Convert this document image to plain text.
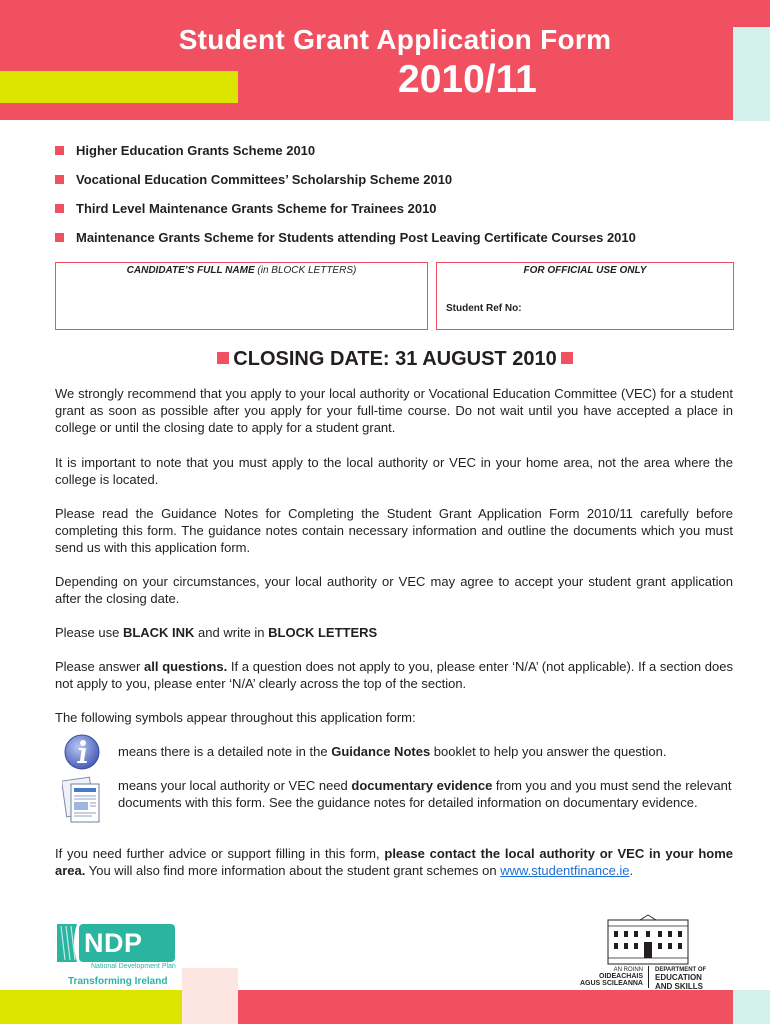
Student Grant Application Form
2010/11
Higher Education Grants Scheme 2010
Vocational Education Committees’ Scholarship Scheme 2010
Third Level Maintenance Grants Scheme for Trainees 2010
Maintenance Grants Scheme for Students attending Post Leaving Certificate Courses 2010
CANDIDATE’S FULL NAME (in BLOCK LETTERS)	FOR OFFICIAL USE ONLY
Student Ref No:
CLOSING DATE: 31 AUGUST 2010
We strongly recommend that you apply to your local authority or Vocational Education Committee (VEC) for a student grant as soon as possible after you apply for your full-time course. Do not wait until you have accepted a place in college or until the closing date to apply for a student grant.
It is important to note that you must apply to the local authority or VEC in your home area, not the area where the college is located.
Please read the Guidance Notes for Completing the Student Grant Application Form 2010/11 carefully before completing this form. The guidance notes contain necessary information and outline the documents which you must send us with this application form.
Depending on your circumstances, your local authority or VEC may agree to accept your student grant application after the closing date.
Please use BLACK INK and write in BLOCK LETTERS
Please answer all questions. If a question does not apply to you, please enter ‘N/A’ (not applicable). If a section does not apply to you, please enter ‘N/A’ clearly across the top of the section.
The following symbols appear throughout this application form:
means there is a detailed note in the Guidance Notes booklet to help you answer the question.
means your local authority or VEC need documentary evidence from you and you must send the relevant documents with this form. See the guidance notes for detailed information on documentary evidence.
If you need further advice or support filling in this form, please contact the local authority or VEC in your home area. You will also find more information about the student grant schemes on www.studentfinance.ie.
NDP
National Development Plan
Transforming Ireland
AN ROINN
OIDEACHAIS
AGUS SCILEANNA
DEPARTMENT OF
EDUCATION
AND SKILLS
